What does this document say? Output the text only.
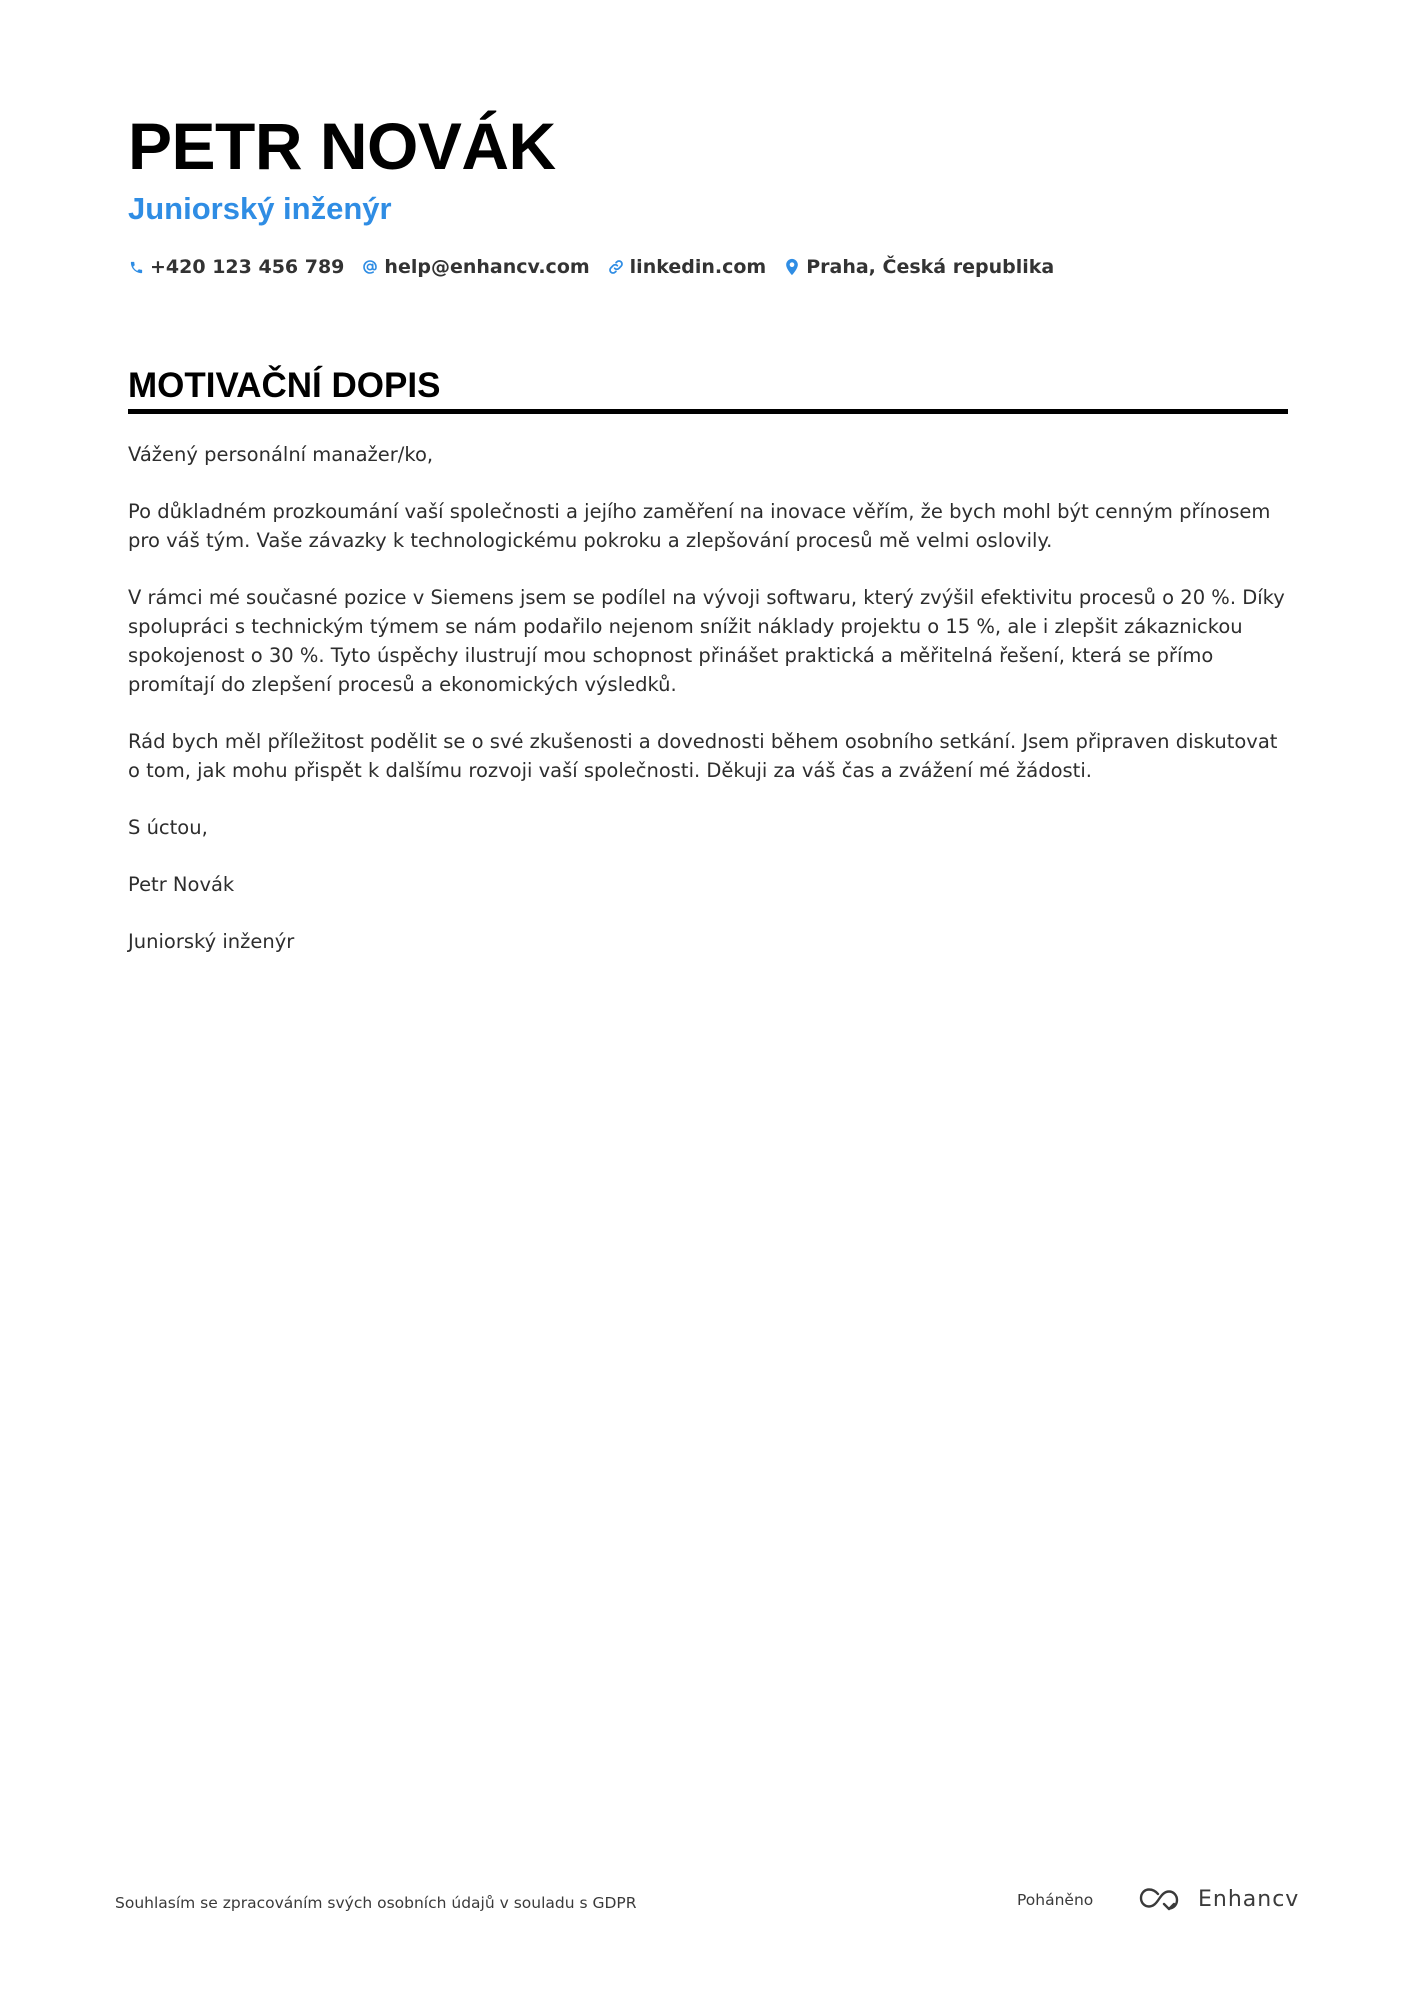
PETR NOVÁK
Juniorský inženýr
+420 123 456 789 help@enhancv.com linkedin.com Praha, Česká republika
MOTIVAČNÍ DOPIS

Vážený personální manažer/ko,

Po důkladném prozkoumání vaší společnosti a jejího zaměření na inovace věřím, že bych mohl být cenným přínosem pro váš tým. Vaše závazky k technologickému pokroku a zlepšování procesů mě velmi oslovily.

V rámci mé současné pozice v Siemens jsem se podílel na vývoji softwaru, který zvýšil efektivitu procesů o 20 %. Díky spolupráci s technickým týmem se nám podařilo nejenom snížit náklady projektu o 15 %, ale i zlepšit zákaznickou spokojenost o 30 %. Tyto úspěchy ilustrují mou schopnost přinášet praktická a měřitelná řešení, která se přímo promítají do zlepšení procesů a ekonomických výsledků.

Rád bych měl příležitost podělit se o své zkušenosti a dovednosti během osobního setkání. Jsem připraven diskutovat o tom, jak mohu přispět k dalšímu rozvoji vaší společnosti. Děkuji za váš čas a zvážení mé žádosti.

S úctou,

Petr Novák

Juniorský inženýr

Souhlasím se zpracováním svých osobních údajů v souladu s GDPR	Poháněno	Enhancv
